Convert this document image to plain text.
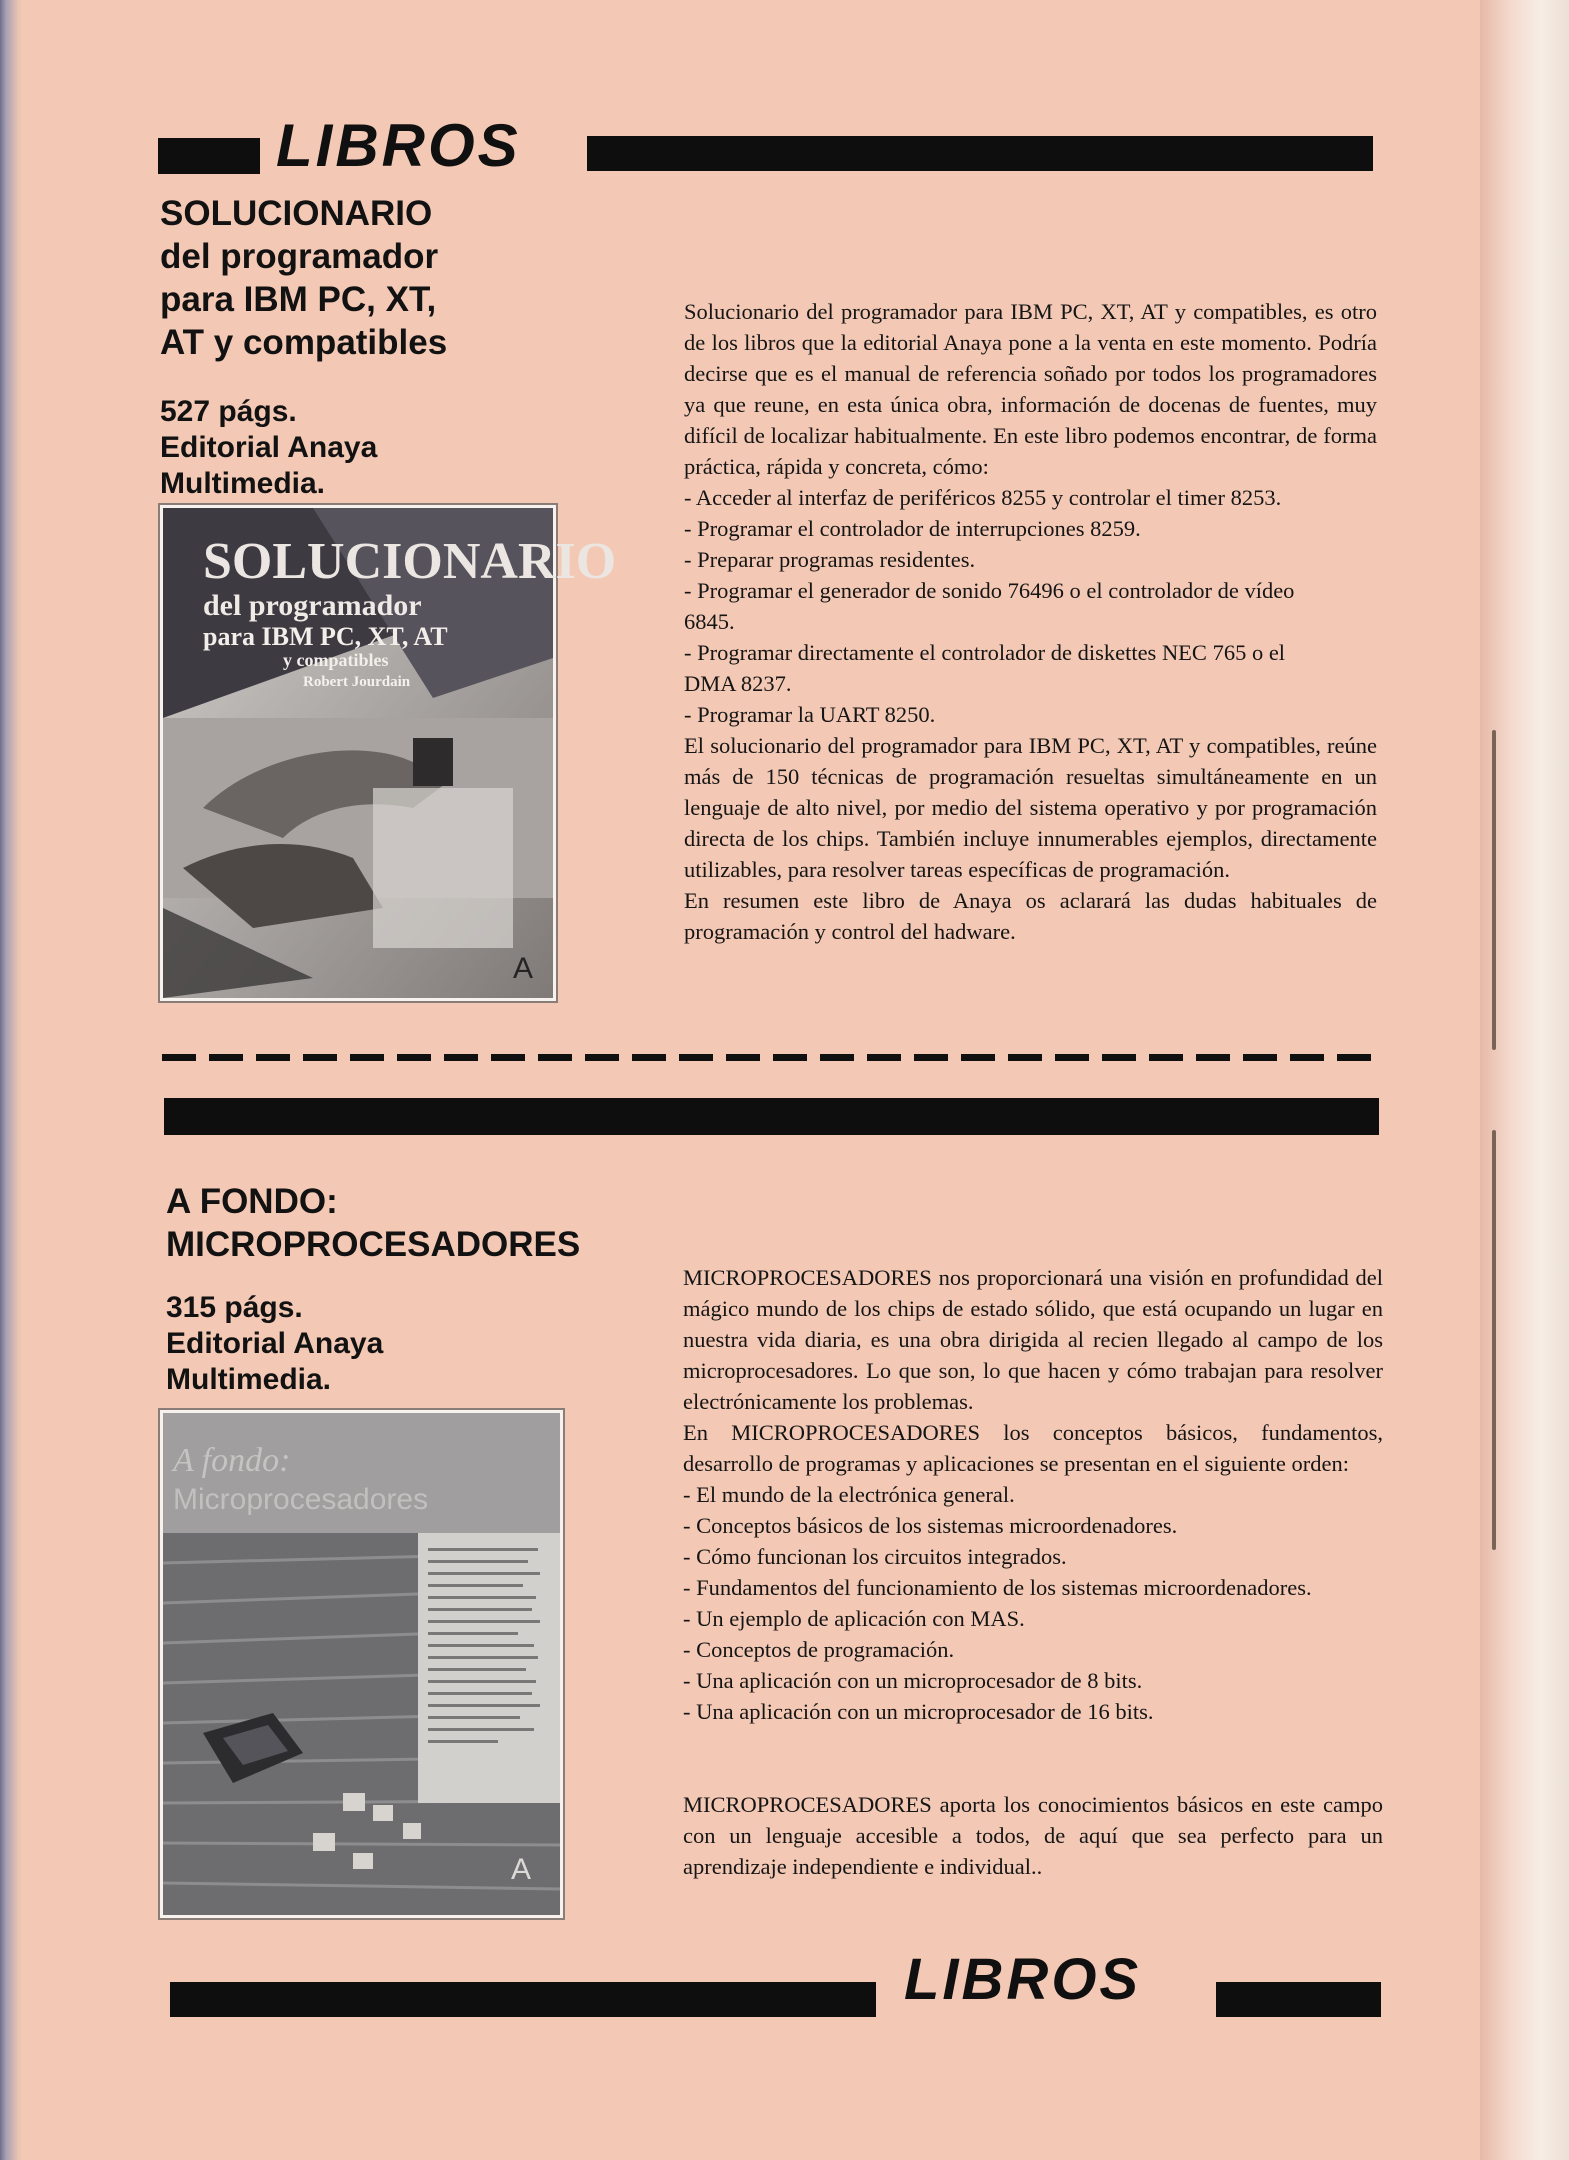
LIBROS
SOLUCIONARIO
del programador
para IBM PC, XT,
AT y compatibles
527 págs.
Editorial Anaya
Multimedia.
SOLUCIONARIO
del programador
para IBM PC, XT, AT
y compatibles
Robert Jourdain
A
Solucionario del programador para IBM PC, XT, AT y compatibles, es otro de los libros que la editorial Anaya pone a la venta en este momento. Podría decirse que es el manual de referencia soñado por todos los programadores ya que reune, en esta única obra, información de docenas de fuentes, muy difícil de localizar habitualmente. En este libro podemos encontrar, de forma práctica, rápida y concreta, cómo:
- Acceder al interfaz de periféricos 8255 y controlar el timer 8253.
- Programar el controlador de interrupciones 8259.
- Preparar programas residentes.
- Programar el generador de sonido 76496 o el controlador de vídeo
6845.
- Programar directamente el controlador de diskettes NEC 765 o el
DMA 8237.
- Programar la UART 8250.
El solucionario del programador para IBM PC, XT, AT y compatibles, reúne más de 150 técnicas de programación resueltas simultáneamente en un lenguaje de alto nivel, por medio del sistema operativo y por programación directa de los chips. También incluye innumerables ejemplos, directamente utilizables, para resolver tareas específicas de programación.
En resumen este libro de Anaya os aclarará las dudas habituales de programación y control del hadware.
A FONDO:
MICROPROCESADORES
315 págs.
Editorial Anaya
Multimedia.
A fondo:
Microprocesadores
A
MICROPROCESADORES nos proporcionará una visión en profundidad del mágico mundo de los chips de estado sólido, que está ocupando un lugar en nuestra vida diaria, es una obra dirigida al recien llegado al campo de los microprocesadores. Lo que son, lo que hacen y cómo trabajan para resolver electrónicamente los problemas.
En MICROPROCESADORES los conceptos básicos, fundamentos, desarrollo de programas y aplicaciones se presentan en el siguiente orden:
- El mundo de la electrónica general.
- Conceptos básicos de los sistemas microordenadores.
- Cómo funcionan los circuitos integrados.
- Fundamentos del funcionamiento de los sistemas microordenadores.
- Un ejemplo de aplicación con MAS.
- Conceptos de programación.
- Una aplicación con un microprocesador de 8 bits.
- Una aplicación con un microprocesador de 16 bits.
MICROPROCESADORES aporta los conocimientos básicos en este campo con un lenguaje accesible a todos, de aquí que sea perfecto para un aprendizaje independiente e individual..
LIBROS
